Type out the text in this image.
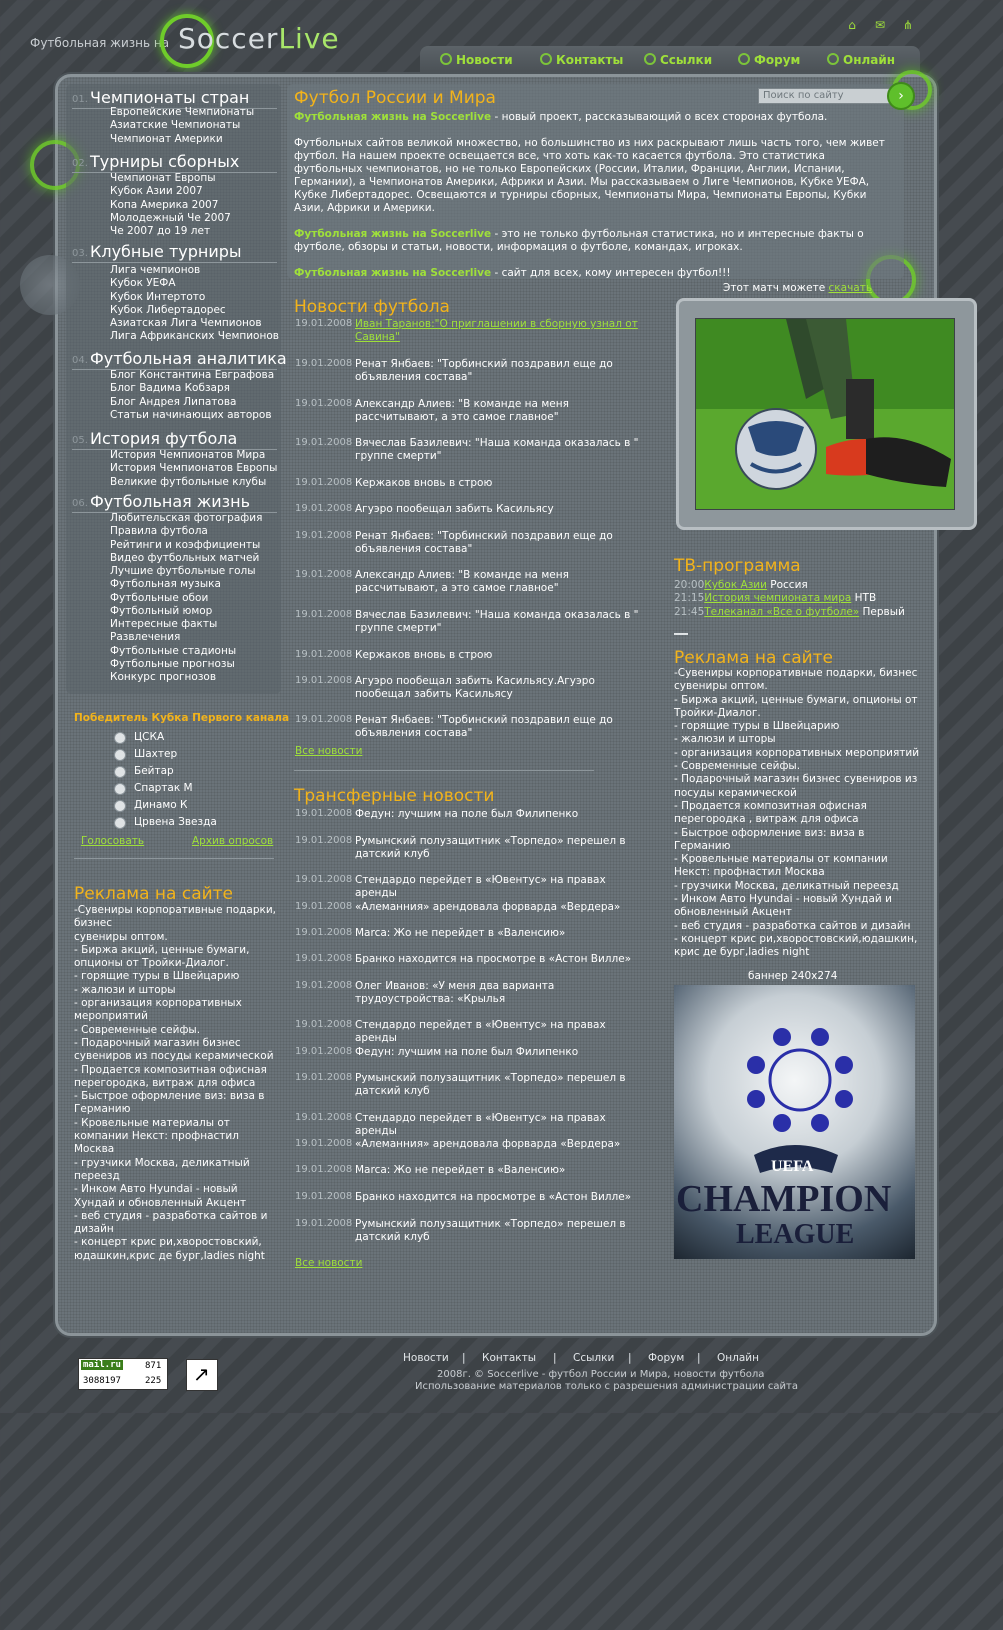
Футбольная жизнь на SoccerLive	⌂ ✉ ⋔
Новости	Контакты	Ссылки	Форум	Онлайн
01. Чемпионаты стран
Европейские Чемпионаты
Азиатские Чемпионаты
Чемпионат Америки
02. Турниры сборных
Чемпионат Европы
Кубок Азии 2007
Копа Америка 2007
Молодежный Че 2007
Че 2007 до 19 лет
03. Клубные турниры
Лига чемпионов
Кубок УЕФА
Кубок Интертото
Кубок Либертадорес
Азиатская Лига Чемпионов
Лига Африканских Чемпионов
04. Футбольная аналитика
Блог Константина Евграфова
Блог Вадима Кобзаря
Блог Андрея Липатова
Статьи начинающих авторов
05. История футбола
История Чемпионатов Мира
История Чемпионатов Европы
Великие футбольные клубы
06. Футбольная жизнь
Любительская фотография
Правила футбола
Рейтинги и коэффициенты
Видео футбольных матчей
Лучшие футбольные голы
Футбольная музыка
Футбольные обои
Футбольный юмор
Интересные факты
Развлечения
Футбольные стадионы
Футбольные прогнозы
Конкурс прогнозов
Победитель Кубка Первого канала
ЦСКА
Шахтер
Бейтар
Спартак М
Динамо К
Црвена Звезда
Голосовать	Архив опросов
Реклама на сайте
-Сувениры корпоративные подарки, бизнес
сувениры оптом.
- Биржа акций, ценные бумаги, опционы от Тройки-Диалог.
- горящие туры в Швейцарию
- жалюзи и шторы
- организация корпоративных мероприятий
- Современные сейфы.
- Подарочный магазин бизнес сувениров из посуды керамической
- Продается композитная офисная перегородка, витраж для офиса
- Быстрое оформление виз: виза в Германию
- Кровельные материалы от компании Некст: профнастил Москва
- грузчики Москва, деликатный переезд
- Инком Авто Hyundai - новый Хундай и обновленный Акцент
- веб студия - разработка сайтов и дизайн
- концерт крис ри,хворостовский, юдашкин,крис де бург,ladies night
Футбол России и Мира	Поиск по сайту	›
Футбольная жизнь на Soccerlive - новый проект, рассказывающий о всех сторонах футбола.
Футбольных сайтов великой множество, но большинство из них раскрывают лишь часть того, чем живет футбол. На нашем проекте освещается все, что хоть как-то касается футбола. Это статистика футбольных чемпионатов, но не только Европейских (России, Италии, Франции, Англии, Испании, Германии), а Чемпионатов Америки, Африки и Азии. Мы рассказываем о Лиге Чемпионов, Кубке УЕФА, Кубке Либертадорес. Освещаются и турниры сборных, Чемпионаты Мира, Чемпионаты Европы, Кубки Азии, Африки и Америки.
Футбольная жизнь на Soccerlive - это не только футбольная статистика, но и интересные факты о футболе, обзоры и статьи, новости, информация о футболе, командах, игроках.
Футбольная жизнь на Soccerlive - сайт для всех, кому интересен футбол!!!
Новости футбола
19.01.2008 Иван Таранов:"О приглашении в сборную узнал от Савина"
19.01.2008 Ренат Янбаев: "Торбинский поздравил еще до объявления состава"
19.01.2008 Александр Алиев: "В команде на меня рассчитывают, а это самое главное"
19.01.2008 Вячеслав Базилевич: "Наша команда оказалась в " группе смерти"
19.01.2008 Кержаков вновь в строю
19.01.2008 Агуэро пообещал забить Касильясу
19.01.2008 Ренат Янбаев: "Торбинский поздравил еще до объявления состава"
19.01.2008 Александр Алиев: "В команде на меня рассчитывают, а это самое главное"
19.01.2008 Вячеслав Базилевич: "Наша команда оказалась в " группе смерти"
19.01.2008 Кержаков вновь в строю
19.01.2008 Агуэро пообещал забить Касильясу.Агуэро пообещал забить Касильясу
19.01.2008 Ренат Янбаев: "Торбинский поздравил еще до объявления состава"
Все новости
Трансферные новости
19.01.2008 Федун: лучшим на поле был Филипенко
19.01.2008 Румынский полузащитник «Торпедо» перешел в датский клуб
19.01.2008 Стендардо перейдет в «Ювентус» на правах аренды
19.01.2008 «Алеманния» арендовала форварда «Вердера»
19.01.2008 Marca: Жо не перейдет в «Валенсию»
19.01.2008 Бранко находится на просмотре в «Астон Вилле»
19.01.2008 Олег Иванов: «У меня два варианта трудоустройства: «Крылья
19.01.2008 Стендардо перейдет в «Ювентус» на правах аренды
19.01.2008 Федун: лучшим на поле был Филипенко
19.01.2008 Румынский полузащитник «Торпедо» перешел в датский клуб
19.01.2008 Стендардо перейдет в «Ювентус» на правах аренды
19.01.2008 «Алеманния» арендовала форварда «Вердера»
19.01.2008 Marca: Жо не перейдет в «Валенсию»
19.01.2008 Бранко находится на просмотре в «Астон Вилле»
19.01.2008 Румынский полузащитник «Торпедо» перешел в датский клуб
Все новости
Этот матч можете скачать
ТВ-программа
20:00Кубок Азии Россия
21:15История чемпионата мира НТВ
21:45Телеканал «Все о футболе» Первый
Реклама на сайте
-Сувениры корпоративные подарки, бизнес сувениры оптом.
- Биржа акций, ценные бумаги, опционы от Тройки-Диалог.
- горящие туры в Швейцарию
- жалюзи и шторы
- организация корпоративных мероприятий
- Современные сейфы.
- Подарочный магазин бизнес сувениров из посуды керамической
- Продается композитная офисная перегородка , витраж для офиса
- Быстрое оформление виз: виза в Германию
- Кровельные материалы от компании Некст: профнастил Москва
- грузчики Москва, деликатный переезд
- Инком Авто Hyundai - новый Хундай и обновленный Акцент
- веб студия - разработка сайтов и дизайн
- концерт крис ри,хворостовский,юдашкин, крис де бург,ladies night
баннер 240х274
UEFA
CHAMPION
LEAGUE
Новости | Контакты | Ссылки | Форум | Онлайн
2008г. © Soccerlive - футбол России и Мира, новости футбола
Использование материалов только с разрешения администрации сайта
mail.ru	871
3088197	225 ↗
